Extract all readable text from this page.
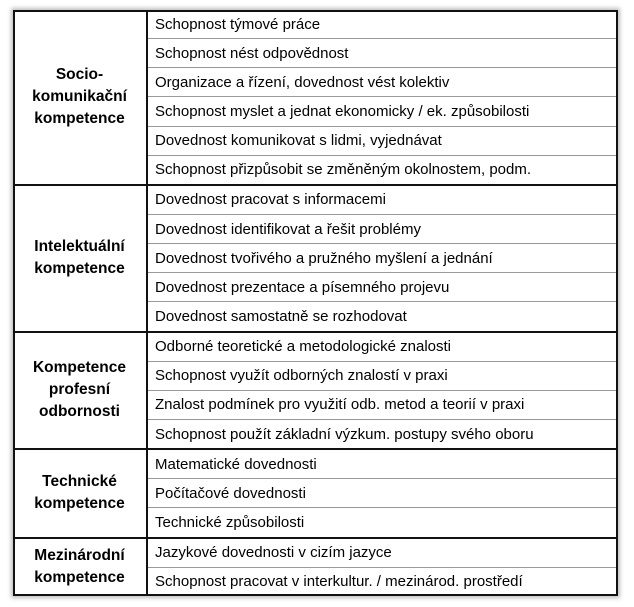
Socio-komunikační kompetence	Schopnost týmové práce
	Schopnost nést odpovědnost
	Organizace a řízení, dovednost vést kolektiv
	Schopnost myslet a jednat ekonomicky / ek. způsobilosti
	Dovednost komunikovat s lidmi, vyjednávat
	Schopnost přizpůsobit se změněným okolnostem, podm.
Intelektuální kompetence	Dovednost pracovat s informacemi
	Dovednost identifikovat a řešit problémy
	Dovednost tvořivého a pružného myšlení a jednání
	Dovednost prezentace a písemného projevu
	Dovednost samostatně se rozhodovat
Kompetence profesní odbornosti	Odborné teoretické a metodologické znalosti
	Schopnost využít odborných znalostí v praxi
	Znalost podmínek pro využití odb. metod a teorií v praxi
	Schopnost použít základní výzkum. postupy svého oboru
Technické kompetence	Matematické dovednosti
	Počítačové dovednosti
	Technické způsobilosti
Mezinárodní kompetence	Jazykové dovednosti v cizím jazyce
	Schopnost pracovat v interkultur. / mezinárod. prostředí
